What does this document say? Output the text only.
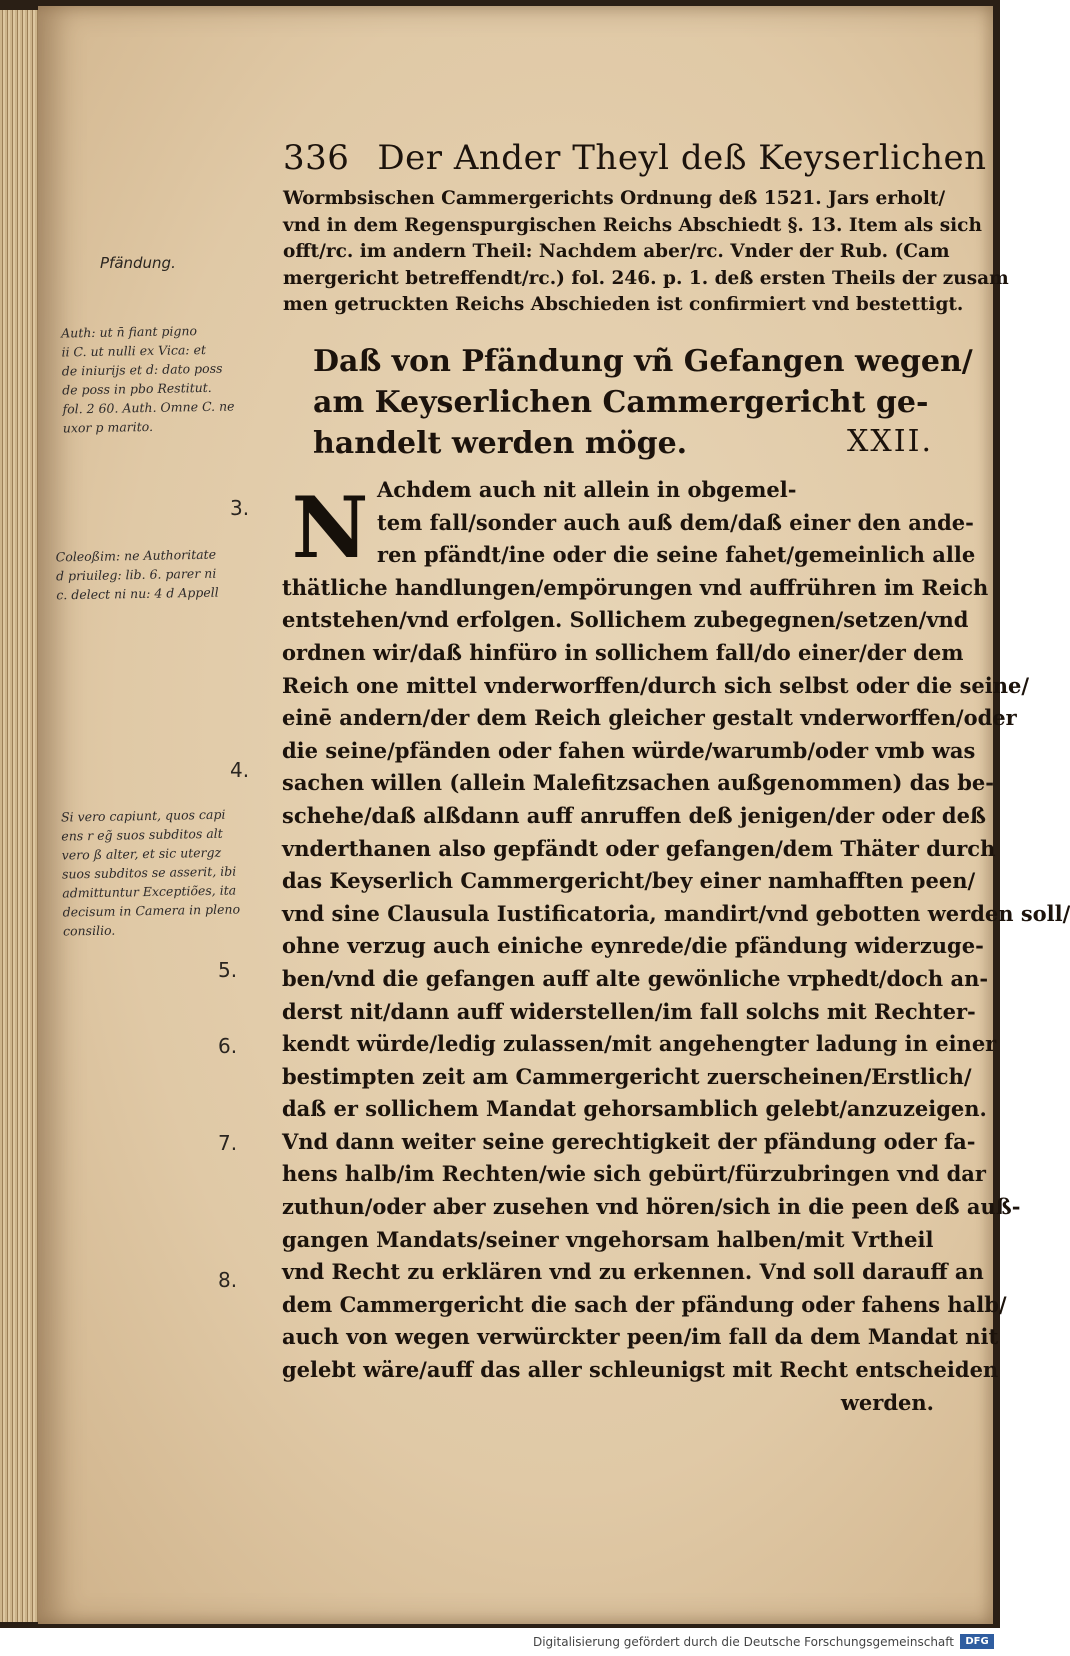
336 Der Ander Theyl deß Keyserlichen
Wormbsischen Cammergerichts Ordnung deß 1521. Jars erholt/
vnd in dem Regenspurgischen Reichs Abschiedt §. 13. Item als sich
offt/rc. im andern Theil: Nachdem aber/rc. Vnder der Rub. (Cam
mergericht betreffendt/rc.) fol. 246. p. 1. deß ersten Theils der zusam
men getruckten Reichs Abschieden ist confirmiert vnd bestettigt.
Pfändung.
Auth: ut n̄ fiant pigno
ii C. ut nulli ex Vica: et
de iniurijs et d: dato poss
de poss in pbo Restitut.
fol. 2 60. Auth. Omne C. ne
uxor p marito.
Daß von Pfändung vñ Gefangen wegen/
am Keyserlichen Cammergericht ge-
handelt werden möge.	XXII.
Coleoßim: ne Authoritate
d priuileg: lib. 6. parer ni
c. delect ni nu: 4 d Appell
3.
4.
5.
6.
7.
8.
Si vero capiunt, quos capi
ens r eg̃ suos subditos alt
vero ß alter, et sic utergz
suos subditos se asserit, ibi
admittuntur Exceptiões, ita
decisum in Camera in pleno
consilio.
N Achdem auch nit allein in obgemel-
tem fall/sonder auch auß dem/daß einer den ande-
ren pfändt/ine oder die seine fahet/gemeinlich alle
thätliche handlungen/empörungen vnd auffrühren im Reich
entstehen/vnd erfolgen. Sollichem zubegegnen/setzen/vnd
ordnen wir/daß hinfüro in sollichem fall/do einer/der dem
Reich one mittel vnderworffen/durch sich selbst oder die seine/
einē andern/der dem Reich gleicher gestalt vnderworffen/oder
die seine/pfänden oder fahen würde/warumb/oder vmb was
sachen willen (allein Malefitzsachen außgenommen) das be-
schehe/daß alßdann auff anruffen deß jenigen/der oder deß
vnderthanen also gepfändt oder gefangen/dem Thäter durch
das Keyserlich Cammergericht/bey einer namhafften peen/
vnd sine Clausula Iustificatoria, mandirt/vnd gebotten werden soll/
ohne verzug auch einiche eynrede/die pfändung widerzuge-
ben/vnd die gefangen auff alte gewönliche vrphedt/doch an-
derst nit/dann auff widerstellen/im fall solchs mit Rechter-
kendt würde/ledig zulassen/mit angehengter ladung in einer
bestimpten zeit am Cammergericht zuerscheinen/Erstlich/
daß er sollichem Mandat gehorsamblich gelebt/anzuzeigen.
Vnd dann weiter seine gerechtigkeit der pfändung oder fa-
hens halb/im Rechten/wie sich gebürt/fürzubringen vnd dar
zuthun/oder aber zusehen vnd hören/sich in die peen deß auß-
gangen Mandats/seiner vngehorsam halben/mit Vrtheil
vnd Recht zu erklären vnd zu erkennen. Vnd soll darauff an
dem Cammergericht die sach der pfändung oder fahens halb/
auch von wegen verwürckter peen/im fall da dem Mandat nit
gelebt wäre/auff das aller schleunigst mit Recht entscheiden
werden.
Digitalisierung gefördert durch die Deutsche Forschungsgemeinschaft	DFG
